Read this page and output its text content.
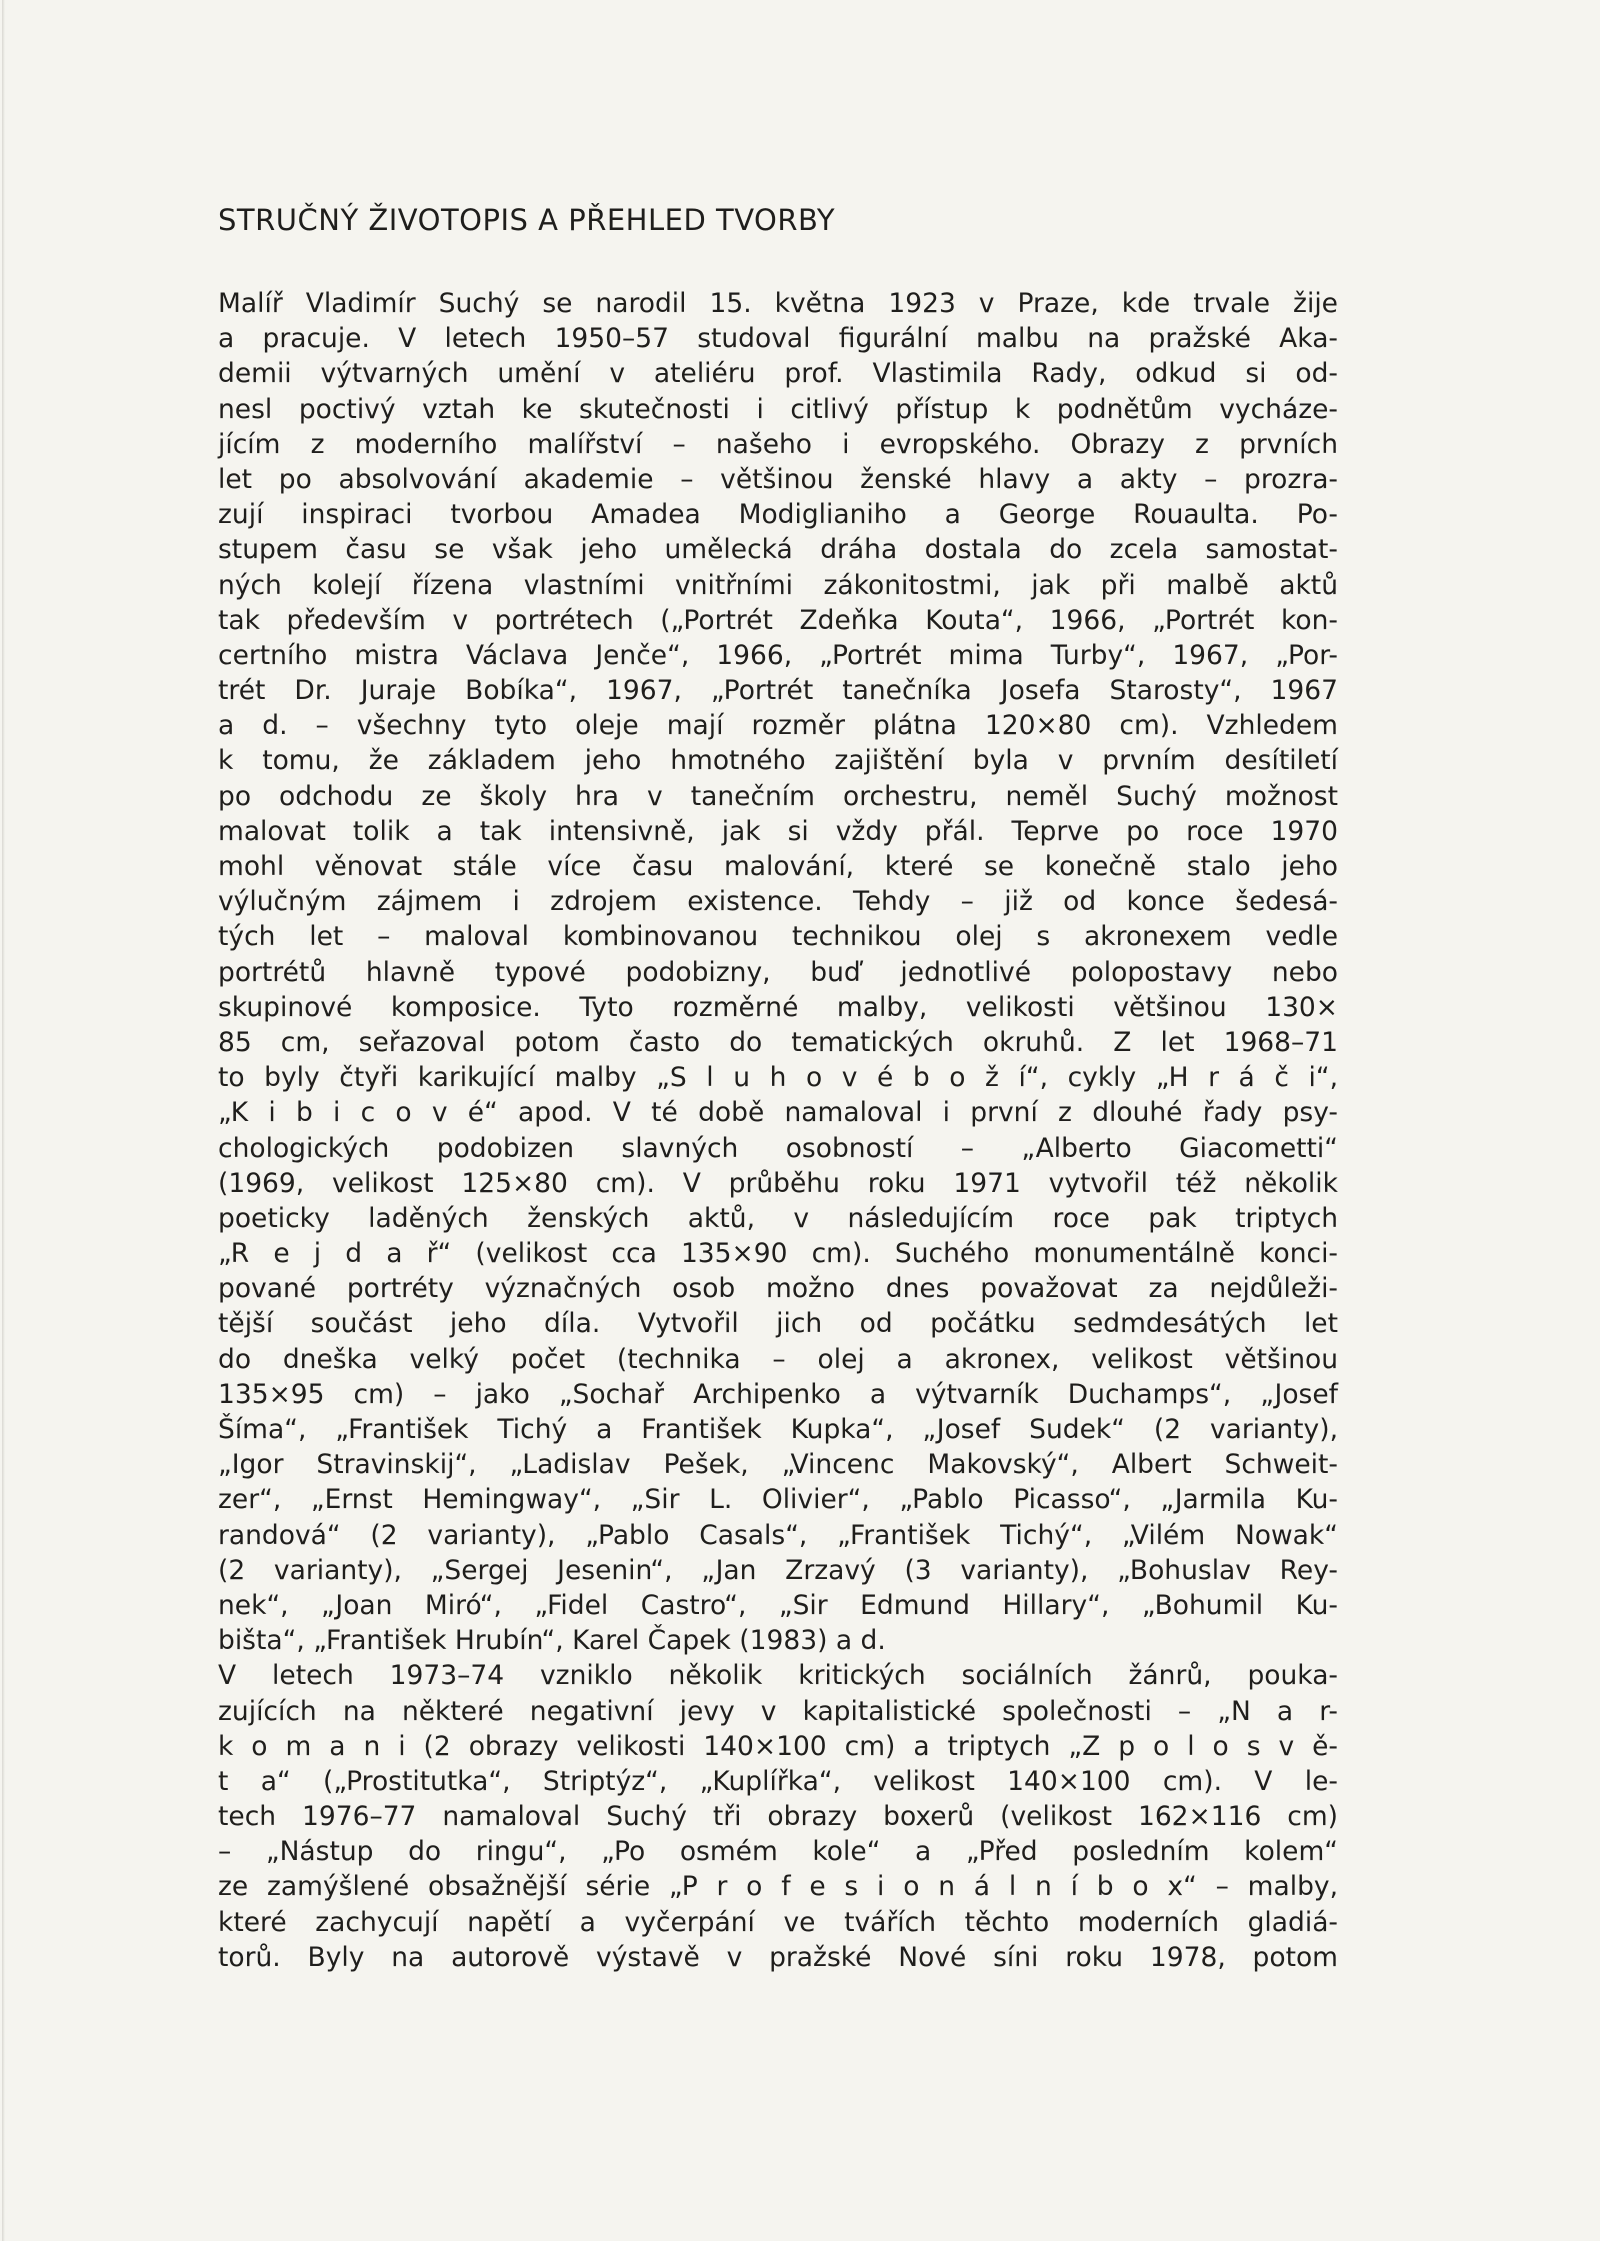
STRUČNÝ ŽIVOTOPIS A PŘEHLED TVORBY
Malíř Vladimír Suchý se narodil 15. května 1923 v Praze, kde trvale žije
a pracuje. V letech 1950–57 studoval figurální malbu na pražské Aka-
demii výtvarných umění v ateliéru prof. Vlastimila Rady, odkud si od-
nesl poctivý vztah ke skutečnosti i citlivý přístup k podnětům vycháze-
jícím z moderního malířství – našeho i evropského. Obrazy z prvních
let po absolvování akademie – většinou ženské hlavy a akty – prozra-
zují inspiraci tvorbou Amadea Modiglianiho a George Rouaulta. Po-
stupem času se však jeho umělecká dráha dostala do zcela samostat-
ných kolejí řízena vlastními vnitřními zákonitostmi, jak při malbě aktů
tak především v portrétech („Portrét Zdeňka Kouta“, 1966, „Portrét kon-
certního mistra Václava Jenče“, 1966, „Portrét mima Turby“, 1967, „Por-
trét Dr. Juraje Bobíka“, 1967, „Portrét tanečníka Josefa Starosty“, 1967
a d. – všechny tyto oleje mají rozměr plátna 120×80 cm). Vzhledem
k tomu, že základem jeho hmotného zajištění byla v prvním desítiletí
po odchodu ze školy hra v tanečním orchestru, neměl Suchý možnost
malovat tolik a tak intensivně, jak si vždy přál. Teprve po roce 1970
mohl věnovat stále více času malování, které se konečně stalo jeho
výlučným zájmem i zdrojem existence. Tehdy – již od konce šedesá-
tých let – maloval kombinovanou technikou olej s akronexem vedle
portrétů hlavně typové podobizny, buď jednotlivé polopostavy nebo
skupinové komposice. Tyto rozměrné malby, velikosti většinou 130×
85 cm, seřazoval potom často do tematických okruhů. Z let 1968–71
to byly čtyři karikující malby „S l u h o v é b o ž í“, cykly „H r á č i“,
„K i b i c o v é“ apod. V té době namaloval i první z dlouhé řady psy-
chologických podobizen slavných osobností – „Alberto Giacometti“
(1969, velikost 125×80 cm). V průběhu roku 1971 vytvořil též několik
poeticky laděných ženských aktů, v následujícím roce pak triptych
„R e j d a ř“ (velikost cca 135×90 cm). Suchého monumentálně konci-
pované portréty význačných osob možno dnes považovat za nejdůleži-
tější součást jeho díla. Vytvořil jich od počátku sedmdesátých let
do dneška velký počet (technika – olej a akronex, velikost většinou
135×95 cm) – jako „Sochař Archipenko a výtvarník Duchamps“, „Josef
Šíma“, „František Tichý a František Kupka“, „Josef Sudek“ (2 varianty),
„Igor Stravinskij“, „Ladislav Pešek, „Vincenc Makovský“, Albert Schweit-
zer“, „Ernst Hemingway“, „Sir L. Olivier“, „Pablo Picasso“, „Jarmila Ku-
randová“ (2 varianty), „Pablo Casals“, „František Tichý“, „Vilém Nowak“
(2 varianty), „Sergej Jesenin“, „Jan Zrzavý (3 varianty), „Bohuslav Rey-
nek“, „Joan Miró“, „Fidel Castro“, „Sir Edmund Hillary“, „Bohumil Ku-
bišta“, „František Hrubín“, Karel Čapek (1983) a d.
V letech 1973–74 vzniklo několik kritických sociálních žánrů, pouka-
zujících na některé negativní jevy v kapitalistické společnosti – „N a r-
k o m a n i (2 obrazy velikosti 140×100 cm) a triptych „Z p o l o s v ě-
t a“ („Prostitutka“, Striptýz“, „Kuplířka“, velikost 140×100 cm). V le-
tech 1976–77 namaloval Suchý tři obrazy boxerů (velikost 162×116 cm)
– „Nástup do ringu“, „Po osmém kole“ a „Před posledním kolem“
ze zamýšlené obsažnější série „P r o f e s i o n á l n í b o x“ – malby,
které zachycují napětí a vyčerpání ve tvářích těchto moderních gladiá-
torů. Byly na autorově výstavě v pražské Nové síni roku 1978, potom
